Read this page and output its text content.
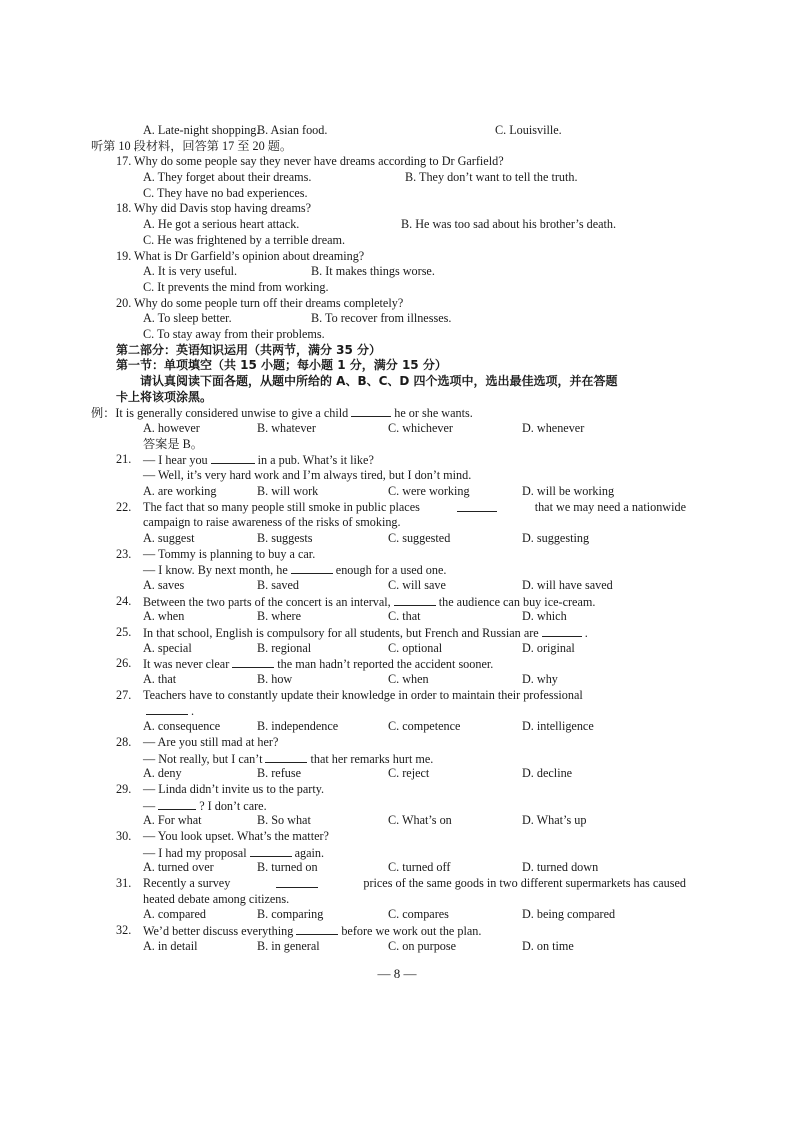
A. Late-night shopping.
B. Asian food.	C. Louisville.
听第 10 段材料，回答第 17 至 20 题。
17. Why do some people say they never have dreams according to Dr Garfield?
A. They forget about their dreams.	B. They don’t want to tell the truth.
C. They have no bad experiences.
18. Why did Davis stop having dreams?
A. He got a serious heart attack.	B. He was too sad about his brother’s death.
C. He was frightened by a terrible dream.
19. What is Dr Garfield’s opinion about dreaming?
A. It is very useful.	B. It makes things worse.
C. It prevents the mind from working.
20. Why do some people turn off their dreams completely?
A. To sleep better.	B. To recover from illnesses.
C. To stay away from their problems.
第二部分：英语知识运用（共两节，满分 35 分）
第一节：单项填空（共 15 小题；每小题 1 分，满分 15 分）
请认真阅读下面各题，从题中所给的 A、B、C、D 四个选项中，选出最佳选项，并在答题
卡上将该项涂黑。
例：It is generally considered unwise to give a child	he or she wants.
A. however	B. whatever	C. whichever	D. whenever
答案是 B。
21. — I hear you	in a pub. What’s it like?
— Well, it’s very hard work and I’m always tired, but I don’t mind.
A. are working	B. will work	C. were working	D. will be working
22. The fact that so many people still smoke in public places	that we may need a nationwide
campaign to raise awareness of the risks of smoking.
A. suggest	B. suggests	C. suggested	D. suggesting
23. — Tommy is planning to buy a car.
— I know. By next month, he	enough for a used one.
A. saves	B. saved	C. will save	D. will have saved
24. Between the two parts of the concert is an interval,	the audience can buy ice-cream.
A. when	B. where	C. that	D. which
25. In that school, English is compulsory for all students, but French and Russian are	.
A. special	B. regional	C. optional	D. original
26. It was never clear	the man hadn’t reported the accident sooner.
A. that	B. how	C. when	D. why
27. Teachers have to constantly update their knowledge in order to maintain their professional
.
A. consequence	B. independence	C. competence	D. intelligence
28. — Are you still mad at her?
— Not really, but I can’t	that her remarks hurt me.
A. deny	B. refuse	C. reject	D. decline
29. — Linda didn’t invite us to the party.
—	? I don’t care.
A. For what	B. So what	C. What’s on	D. What’s up
30. — You look upset. What’s the matter?
— I had my proposal	again.
A. turned over	B. turned on	C. turned off	D. turned down
31. Recently a survey	prices of the same goods in two different supermarkets has caused
heated debate among citizens.
A. compared	B. comparing	C. compares	D. being compared
32. We’d better discuss everything	before we work out the plan.
A. in detail	B. in general	C. on purpose	D. on time
— 8 —
